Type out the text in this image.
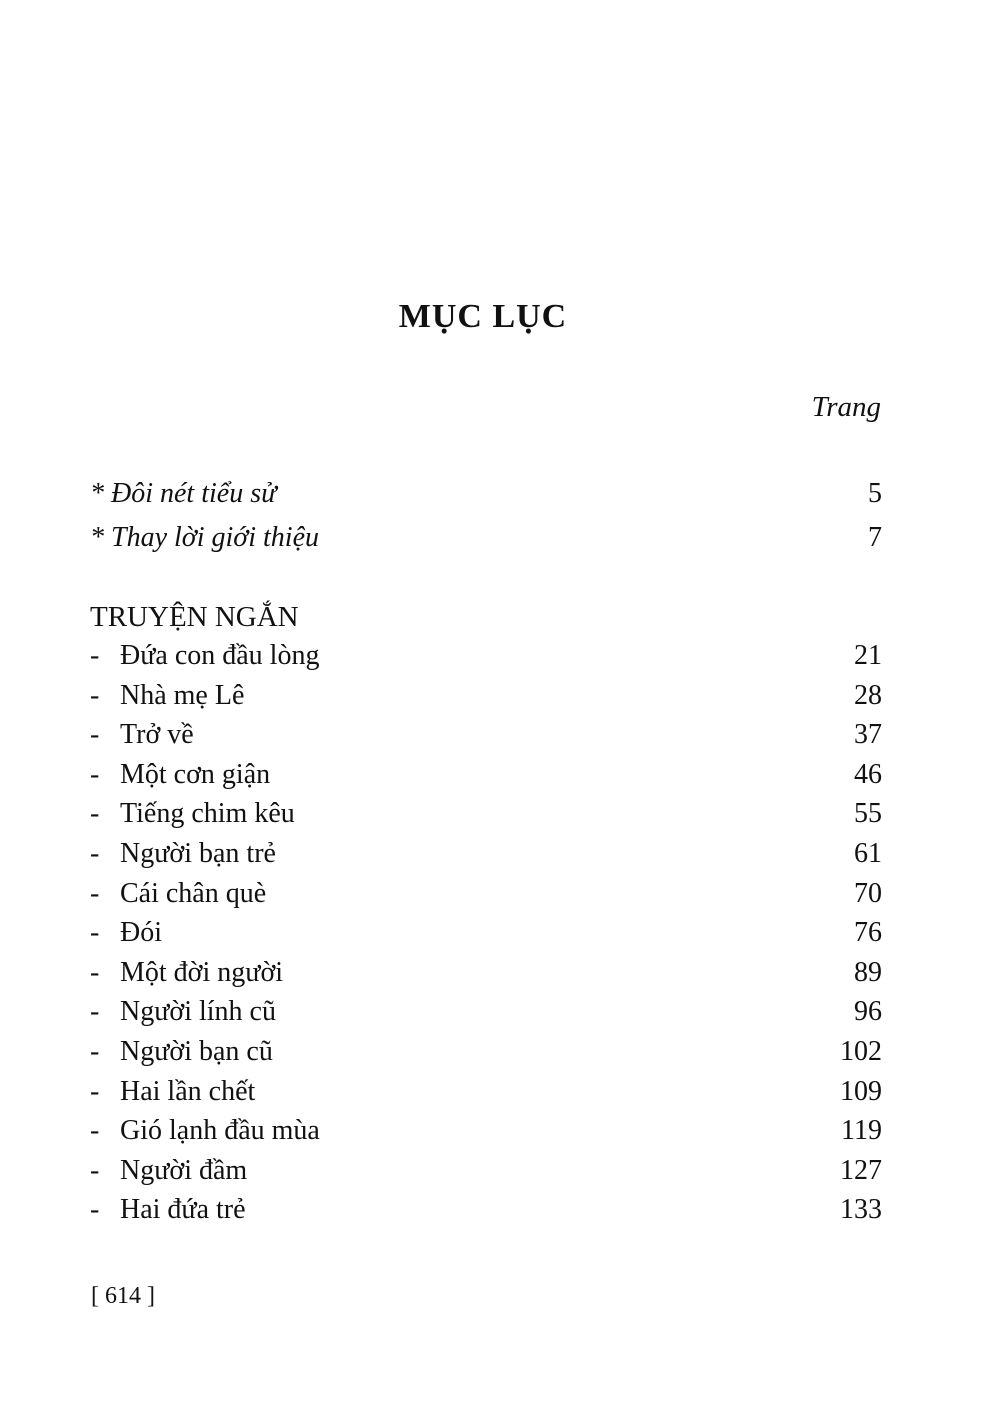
MỤC LỤC
Trang
* Đôi nét tiểu sử	5
* Thay lời giới thiệu	7
TRUYỆN NGẮN
- Đứa con đầu lòng	21
- Nhà mẹ Lê	28
- Trở về	37
- Một cơn giận	46
- Tiếng chim kêu	55
- Người bạn trẻ	61
- Cái chân què	70
- Đói	76
- Một đời người	89
- Người lính cũ	96
- Người bạn cũ	102
- Hai lần chết	109
- Gió lạnh đầu mùa	119
- Người đầm	127
- Hai đứa trẻ	133
[ 614 ]
